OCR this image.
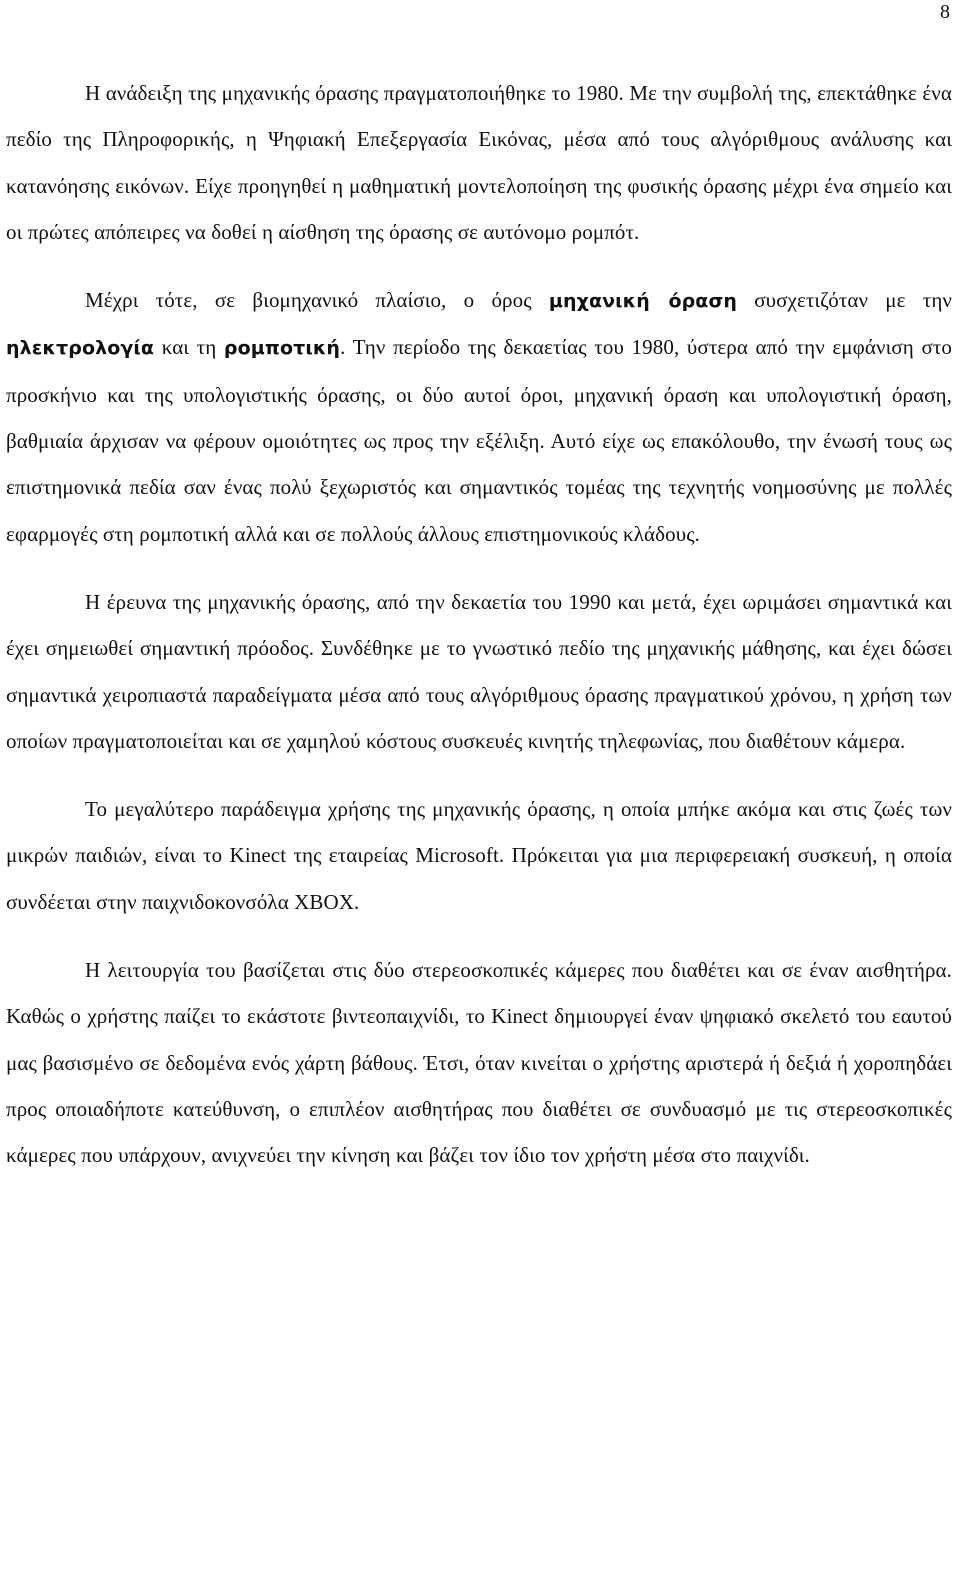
8

Η ανάδειξη της μηχανικής όρασης πραγματοποιήθηκε το 1980. Με την συμβολή της, επεκτάθηκε ένα πεδίο της Πληροφορικής, η Ψηφιακή Επεξεργασία Εικόνας, μέσα από τους αλγόριθμους ανάλυσης και κατανόησης εικόνων. Είχε προηγηθεί η μαθηματική μοντελοποίηση της φυσικής όρασης μέχρι ένα σημείο και οι πρώτες απόπειρες να δοθεί η αίσθηση της όρασης σε αυτόνομο ρομπότ.

Μέχρι τότε, σε βιομηχανικό πλαίσιο, ο όρος μηχανική όραση συσχετιζόταν με την ηλεκτρολογία και τη ρομποτική. Την περίοδο της δεκαετίας του 1980, ύστερα από την εμφάνιση στο προσκήνιο και της υπολογιστικής όρασης, οι δύο αυτοί όροι, μηχανική όραση και υπολογιστική όραση, βαθμιαία άρχισαν να φέρουν ομοιότητες ως προς την εξέλιξη. Αυτό είχε ως επακόλουθο, την ένωσή τους ως επιστημονικά πεδία σαν ένας πολύ ξεχωριστός και σημαντικός τομέας της τεχνητής νοημοσύνης με πολλές εφαρμογές στη ρομποτική αλλά και σε πολλούς άλλους επιστημονικούς κλάδους.

Η έρευνα της μηχανικής όρασης, από την δεκαετία του 1990 και μετά, έχει ωριμάσει σημαντικά και έχει σημειωθεί σημαντική πρόοδος. Συνδέθηκε με το γνωστικό πεδίο της μηχανικής μάθησης, και έχει δώσει σημαντικά χειροπιαστά παραδείγματα μέσα από τους αλγόριθμους όρασης πραγματικού χρόνου, η χρήση των οποίων πραγματοποιείται και σε χαμηλού κόστους συσκευές κινητής τηλεφωνίας, που διαθέτουν κάμερα.

Το μεγαλύτερο παράδειγμα χρήσης της μηχανικής όρασης, η οποία μπήκε ακόμα και στις ζωές των μικρών παιδιών, είναι το Kinect της εταιρείας Microsoft. Πρόκειται για μια περιφερειακή συσκευή, η οποία συνδέεται στην παιχνιδοκονσόλα XBOX.

Η λειτουργία του βασίζεται στις δύο στερεοσκοπικές κάμερες που διαθέτει και σε έναν αισθητήρα. Καθώς ο χρήστης παίζει το εκάστοτε βιντεοπαιχνίδι, το Kinect δημιουργεί έναν ψηφιακό σκελετό του εαυτού μας βασισμένο σε δεδομένα ενός χάρτη βάθους. Έτσι, όταν κινείται ο χρήστης αριστερά ή δεξιά ή χοροπηδάει προς οποιαδήποτε κατεύθυνση, ο επιπλέον αισθητήρας που διαθέτει σε συνδυασμό με τις στερεοσκοπικές κάμερες που υπάρχουν, ανιχνεύει την κίνηση και βάζει τον ίδιο τον χρήστη μέσα στο παιχνίδι.
